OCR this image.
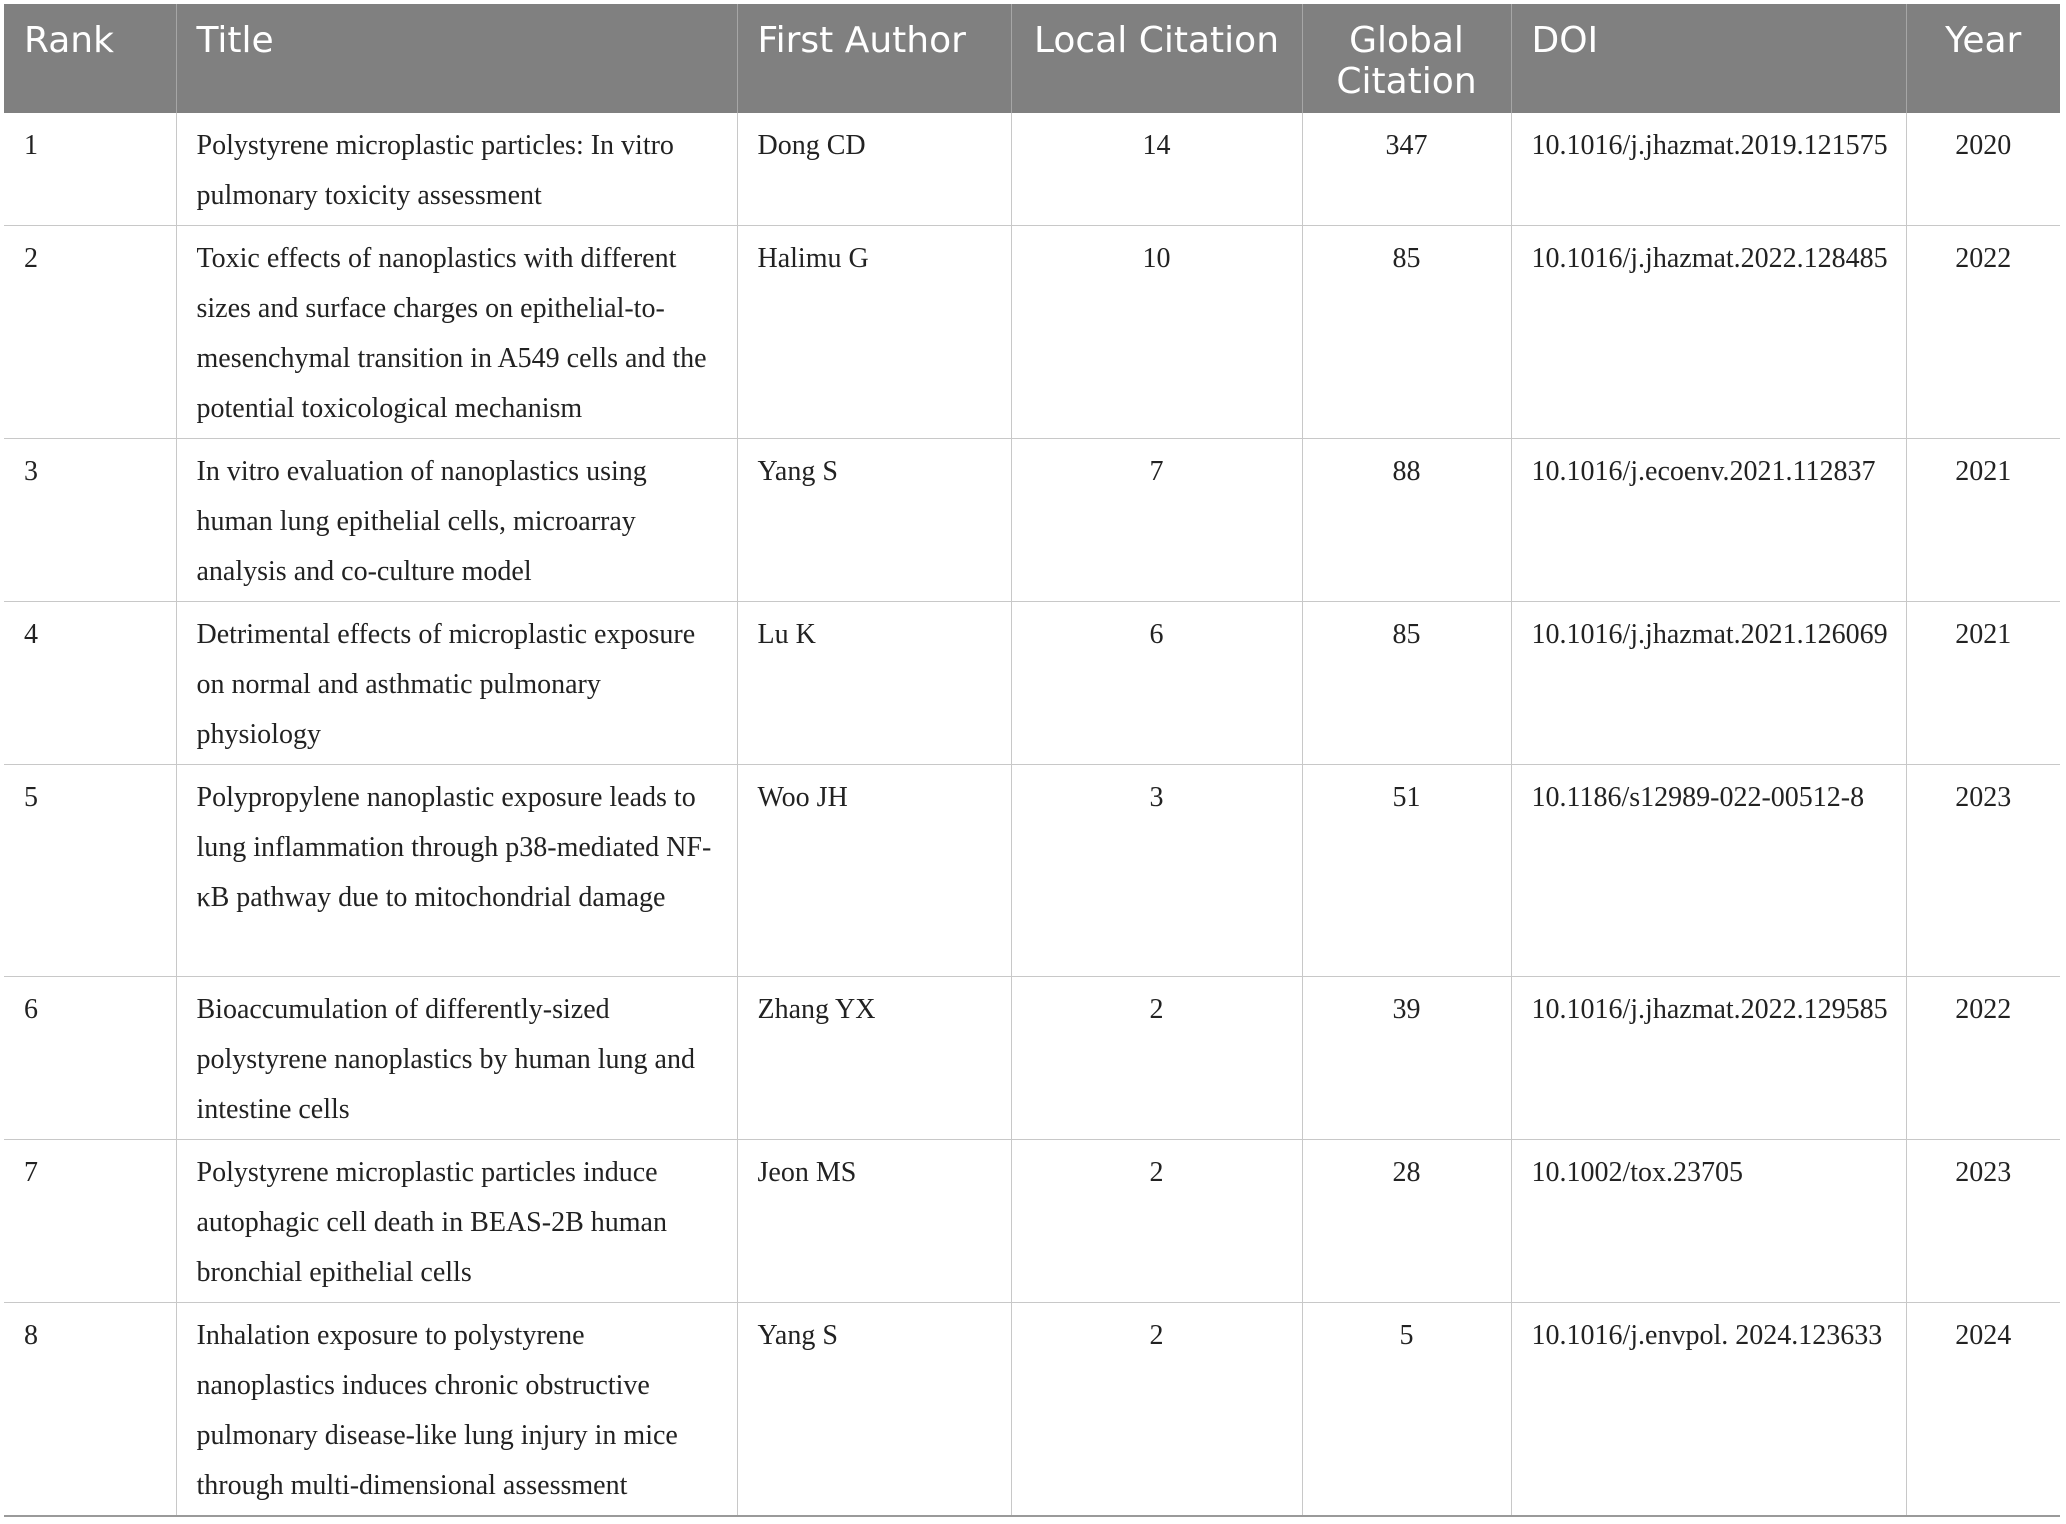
Rank	Title	First Author	Local Citation	Global Citation	DOI	Year
1	Polystyrene microplastic particles: In vitro pulmonary toxicity assessment	Dong CD	14	347	10.1016/j.jhazmat.2019.121575	2020
2	Toxic effects of nanoplastics with different sizes and surface charges on epithelial-to-mesenchymal transition in A549 cells and the potential toxicological mechanism	Halimu G	10	85	10.1016/j.jhazmat.2022.128485	2022
3	In vitro evaluation of nanoplastics using human lung epithelial cells, microarray analysis and co-culture model	Yang S	7	88	10.1016/j.ecoenv.2021.112837	2021
4	Detrimental effects of microplastic exposure on normal and asthmatic pulmonary physiology	Lu K	6	85	10.1016/j.jhazmat.2021.126069	2021
5	Polypropylene nanoplastic exposure leads to lung inflammation through p38-mediated NF-κB pathway due to mitochondrial damage	Woo JH	3	51	10.1186/s12989-022-00512-8	2023
6	Bioaccumulation of differently-sized polystyrene nanoplastics by human lung and intestine cells	Zhang YX	2	39	10.1016/j.jhazmat.2022.129585	2022
7	Polystyrene microplastic particles induce autophagic cell death in BEAS-2B human bronchial epithelial cells	Jeon MS	2	28	10.1002/tox.23705	2023
8	Inhalation exposure to polystyrene nanoplastics induces chronic obstructive pulmonary disease-like lung injury in mice through multi-dimensional assessment	Yang S	2	5	10.1016/j.envpol. 2024.123633	2024
